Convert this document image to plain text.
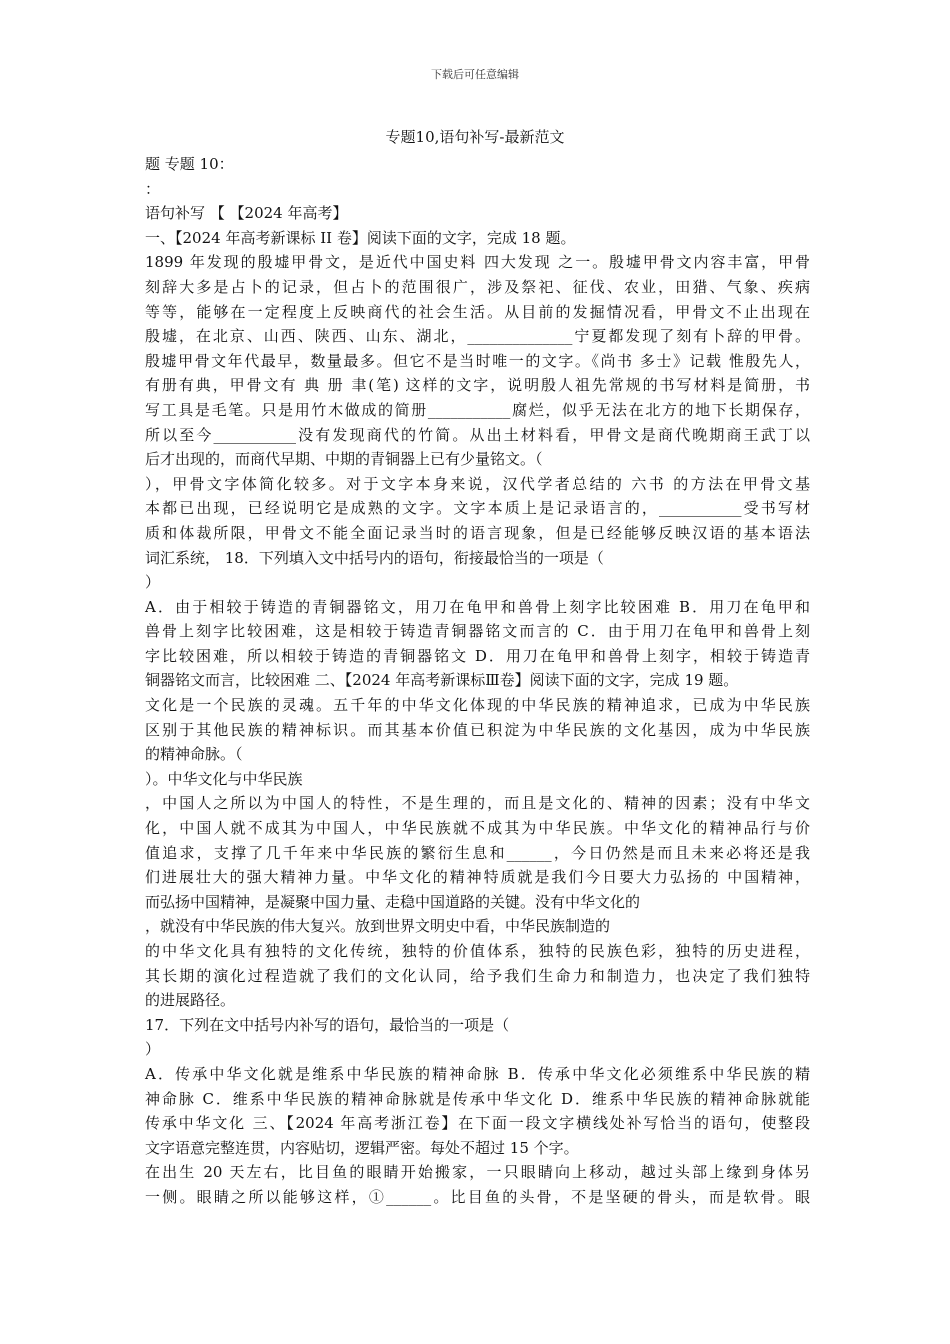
下载后可任意编辑
专题10,语句补写-最新范文
题 专题 10：
：
语句补写 【 【2024 年高考】
一、【2024 年高考新课标 II 卷】阅读下面的文字，完成 18 题。
1899 年发现的殷墟甲骨文，是近代中国史料 四大发现 之一。殷墟甲骨文内容丰富，甲骨
刻辞大多是占卜的记录，但占卜的范围很广，涉及祭祀、征伐、农业，田猎、气象、疾病
等等，能够在一定程度上反映商代的社会生活。从目前的发掘情况看，甲骨文不止出现在
殷墟，在北京、山西、陕西、山东、湖北，______________宁夏都发现了刻有卜辞的甲骨。
殷墟甲骨文年代最早，数量最多。但它不是当时唯一的文字。《尚书 多士》记载 惟殷先人，
有册有典，甲骨文有 典 册 聿(笔) 这样的文字，说明殷人祖先常规的书写材料是简册，书
写工具是毛笔。只是用竹木做成的简册___________腐烂，似乎无法在北方的地下长期保存，
所以至今___________没有发现商代的竹简。从出土材料看，甲骨文是商代晚期商王武丁以
后才出现的，而商代早期、中期的青铜器上已有少量铭文。（
），甲骨文字体简化较多。对于文字本身来说，汉代学者总结的 六书 的方法在甲骨文基
本都已出现，已经说明它是成熟的文字。文字本质上是记录语言的，___________受书写材
质和体裁所限，甲骨文不能全面记录当时的语言现象，但是已经能够反映汉语的基本语法
词汇系统， 18．下列填入文中括号内的语句，衔接最恰当的一项是（
）
A．由于相较于铸造的青铜器铭文，用刀在龟甲和兽骨上刻字比较困难 B．用刀在龟甲和
兽骨上刻字比较困难，这是相较于铸造青铜器铭文而言的 C．由于用刀在龟甲和兽骨上刻
字比较困难，所以相较于铸造的青铜器铭文 D．用刀在龟甲和兽骨上刻字，相较于铸造青
铜器铭文而言，比较困难 二、【2024 年高考新课标Ⅲ卷】阅读下面的文字，完成 19 题。
文化是一个民族的灵魂。五千年的中华文化体现的中华民族的精神追求，已成为中华民族
区别于其他民族的精神标识。而其基本价值已积淀为中华民族的文化基因，成为中华民族
的精神命脉。（
）。中华文化与中华民族
，中国人之所以为中国人的特性，不是生理的，而且是文化的、精神的因素；没有中华文
化，中国人就不成其为中国人，中华民族就不成其为中华民族。中华文化的精神品行与价
值追求，支撑了几千年来中华民族的繁衍生息和______，今日仍然是而且未来必将还是我
们进展壮大的强大精神力量。中华文化的精神特质就是我们今日要大力弘扬的 中国精神，
而弘扬中国精神，是凝聚中国力量、走稳中国道路的关键。没有中华文化的
，就没有中华民族的伟大复兴。放到世界文明史中看，中华民族制造的
的中华文化具有独特的文化传统，独特的价值体系，独特的民族色彩，独特的历史进程，
其长期的演化过程造就了我们的文化认同，给予我们生命力和制造力，也决定了我们独特
的进展路径。
17．下列在文中括号内补写的语句，最恰当的一项是（
）
A．传承中华文化就是维系中华民族的精神命脉 B．传承中华文化必须维系中华民族的精
神命脉 C．维系中华民族的精神命脉就是传承中华文化 D．维系中华民族的精神命脉就能
传承中华文化 三、【2024 年高考浙江卷】在下面一段文字横线处补写恰当的语句，使整段
文字语意完整连贯，内容贴切，逻辑严密。每处不超过 15 个字。
在出生 20 天左右，比目鱼的眼睛开始搬家，一只眼睛向上移动，越过头部上缘到身体另
一侧。眼睛之所以能够这样，①______。比目鱼的头骨，不是坚硬的骨头，而是软骨。眼
